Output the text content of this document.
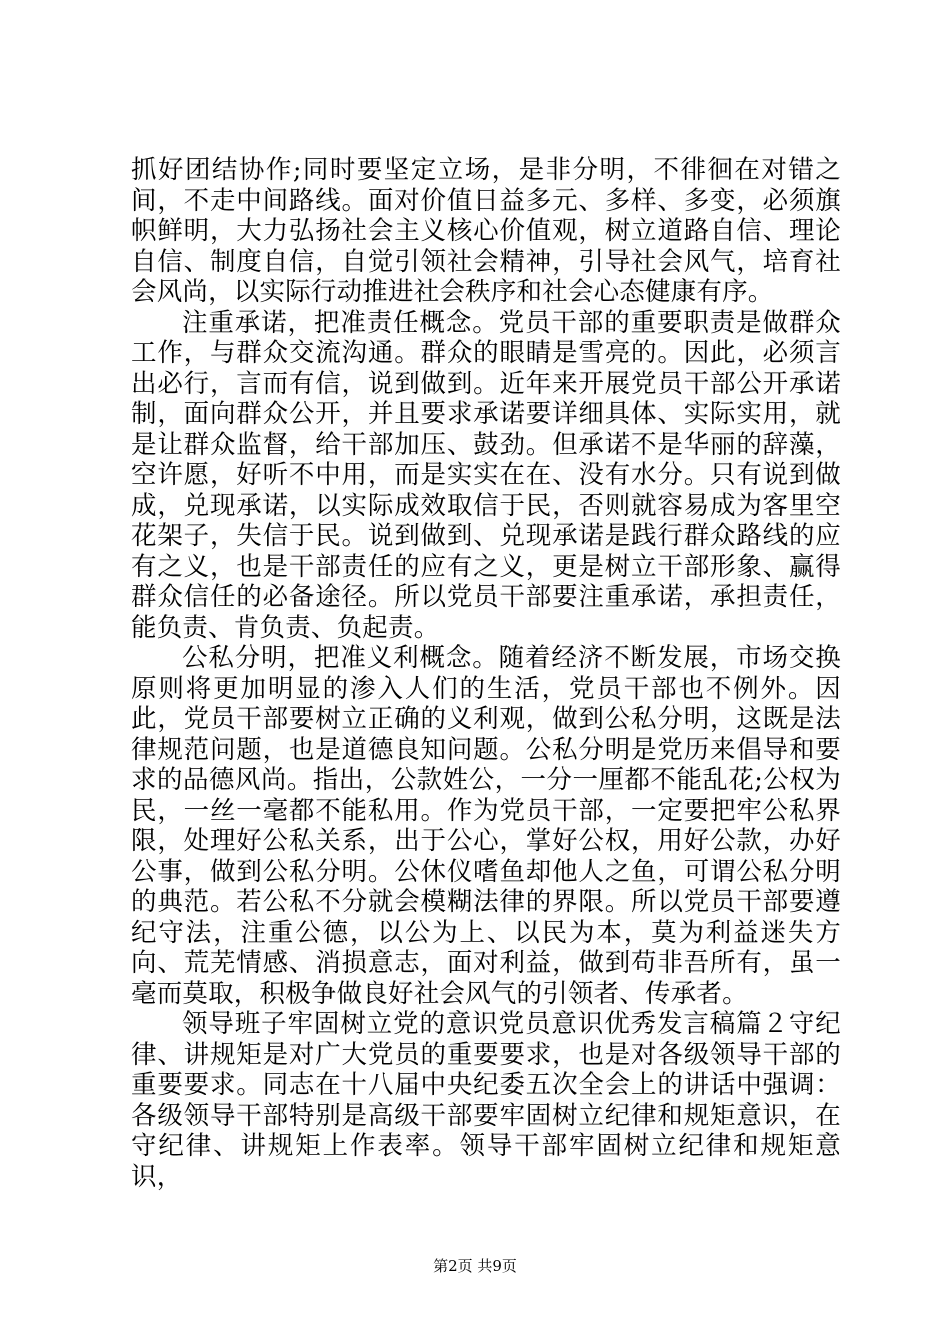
抓好团结协作;同时要坚定立场，是非分明，不徘徊在对错之间，不走中间路线。面对价值日益多元、多样、多变，必须旗帜鲜明，大力弘扬社会主义核心价值观，树立道路自信、理论自信、制度自信，自觉引领社会精神，引导社会风气，培育社会风尚，以实际行动推进社会秩序和社会心态健康有序。

注重承诺，把准责任概念。党员干部的重要职责是做群众工作，与群众交流沟通。群众的眼睛是雪亮的。因此，必须言出必行，言而有信，说到做到。近年来开展党员干部公开承诺制，面向群众公开，并且要求承诺要详细具体、实际实用，就是让群众监督，给干部加压、鼓劲。但承诺不是华丽的辞藻，空许愿，好听不中用，而是实实在在、没有水分。只有说到做成，兑现承诺，以实际成效取信于民，否则就容易成为客里空花架子，失信于民。说到做到、兑现承诺是践行群众路线的应有之义，也是干部责任的应有之义，更是树立干部形象、赢得群众信任的必备途径。所以党员干部要注重承诺，承担责任，能负责、肯负责、负起责。

公私分明，把准义利概念。随着经济不断发展，市场交换原则将更加明显的渗入人们的生活，党员干部也不例外。因此，党员干部要树立正确的义利观，做到公私分明，这既是法律规范问题，也是道德良知问题。公私分明是党历来倡导和要求的品德风尚。指出，公款姓公，一分一厘都不能乱花;公权为民，一丝一毫都不能私用。作为党员干部，一定要把牢公私界限，处理好公私关系，出于公心，掌好公权，用好公款，办好公事，做到公私分明。公休仪嗜鱼却他人之鱼，可谓公私分明的典范。若公私不分就会模糊法律的界限。所以党员干部要遵纪守法，注重公德，以公为上、以民为本，莫为利益迷失方向、荒芜情感、消损意志，面对利益，做到苟非吾所有，虽一毫而莫取，积极争做良好社会风气的引领者、传承者。

领导班子牢固树立党的意识党员意识优秀发言稿篇２守纪律、讲规矩是对广大党员的重要要求，也是对各级领导干部的重要要求。同志在十八届中央纪委五次全会上的讲话中强调：各级领导干部特别是高级干部要牢固树立纪律和规矩意识，在守纪律、讲规矩上作表率。领导干部牢固树立纪律和规矩意识，

第2页 共9页
